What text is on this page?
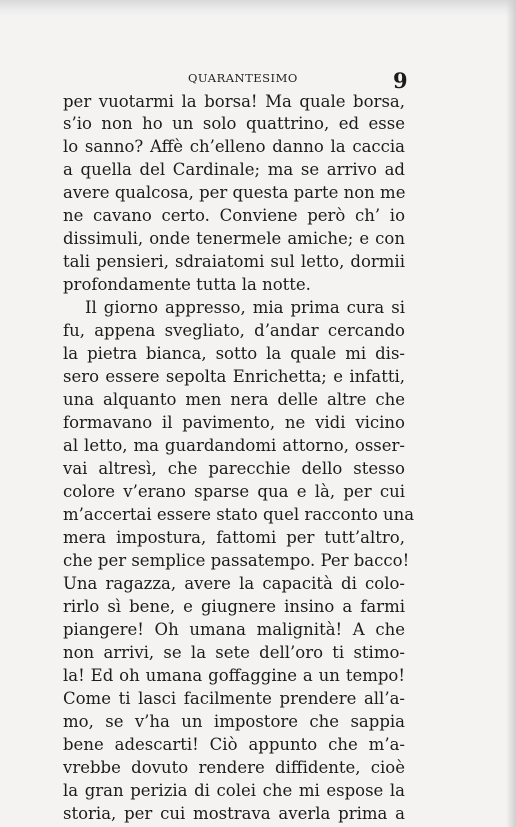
QUARANTESIMO	9
per vuotarmi la borsa! Ma quale borsa,
s’io non ho un solo quattrino, ed esse
lo sanno? Affè ch’elleno danno la caccia
a quella del Cardinale; ma se arrivo ad
avere qualcosa, per questa parte non me
ne cavano certo. Conviene però ch’ io
dissimuli, onde tenermele amiche; e con
tali pensieri, sdraiatomi sul letto, dormii
profondamente tutta la notte.
Il giorno appresso, mia prima cura si
fu, appena svegliato, d’andar cercando
la pietra bianca, sotto la quale mi dis-
sero essere sepolta Enrichetta; e infatti,
una alquanto men nera delle altre che
formavano il pavimento, ne vidi vicino
al letto, ma guardandomi attorno, osser-
vai altresì, che parecchie dello stesso
colore v’erano sparse qua e là, per cui
m’accertai essere stato quel racconto una
mera impostura, fattomi per tutt’altro,
che per semplice passatempo. Per bacco!
Una ragazza, avere la capacità di colo-
rirlo sì bene, e giugnere insino a farmi
piangere! Oh umana malignità! A che
non arrivi, se la sete dell’oro ti stimo-
la! Ed oh umana goffaggine a un tempo!
Come ti lasci facilmente prendere all’a-
mo, se v’ha un impostore che sappia
bene adescarti! Ciò appunto che m’a-
vrebbe dovuto rendere diffidente, cioè
la gran perizia di colei che mi espose la
storia, per cui mostrava averla prima a
